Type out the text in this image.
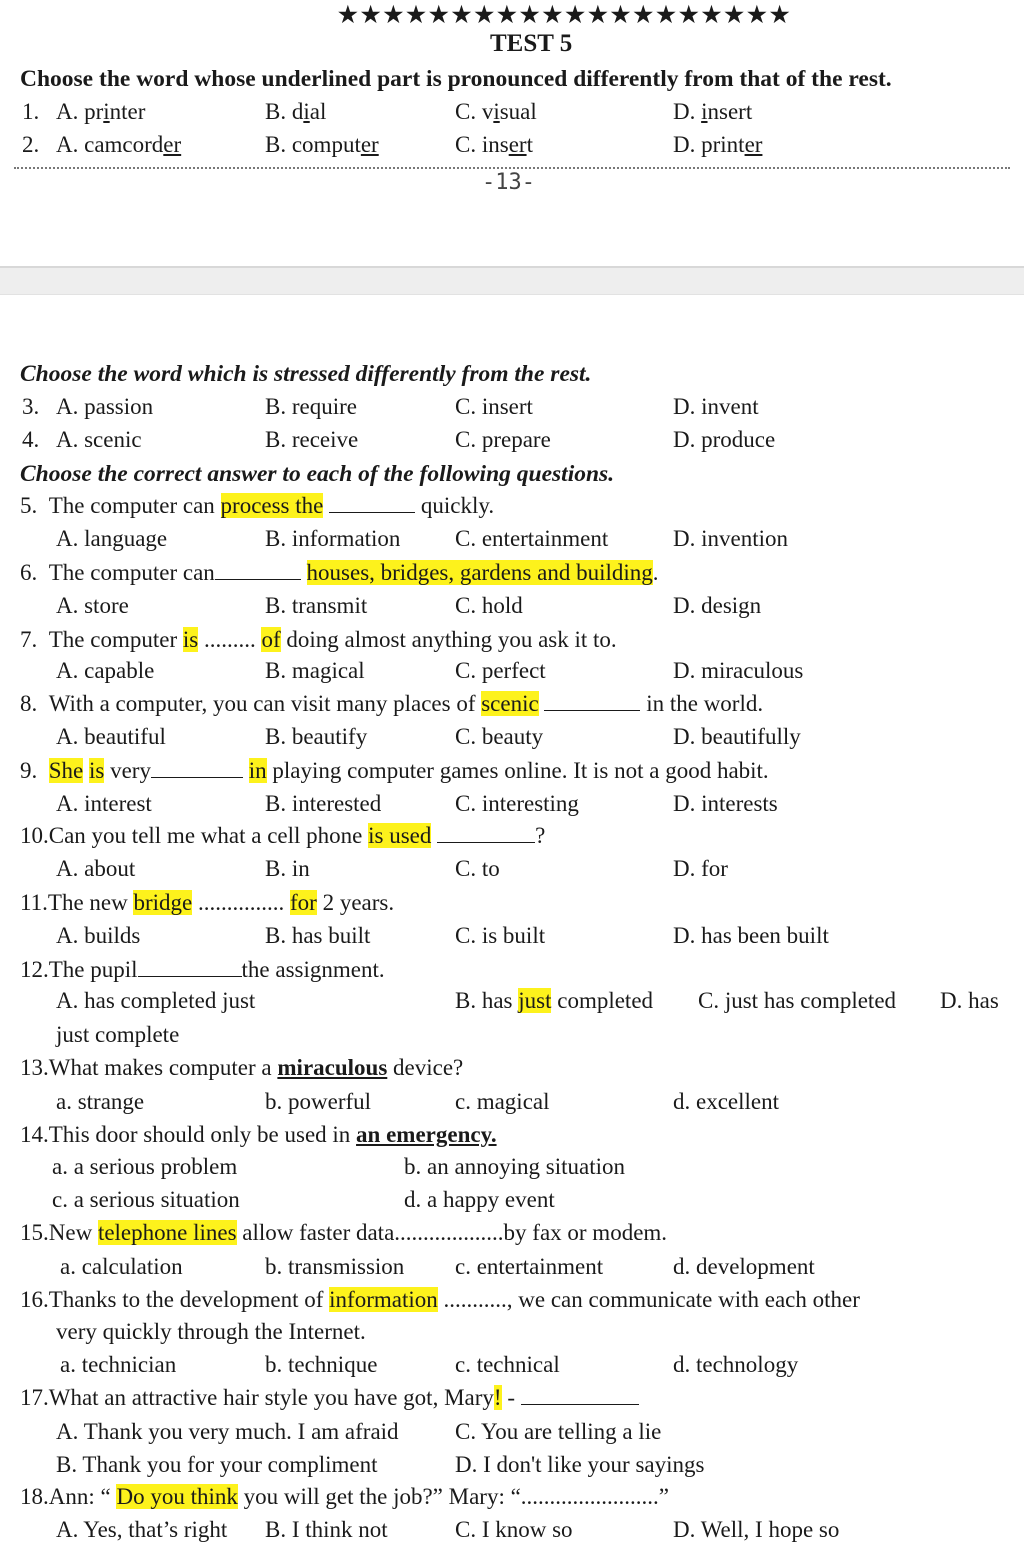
★★★★★★★★★★★★★★★★★★★★
TEST 5
Choose the word whose underlined part is pronounced differently from that of the rest.
1. A. printer	B. dial	C. visual	D. insert
2. A. camcorder	B. computer	C. insert	D. printer
-13-
Choose the word which is stressed differently from the rest.
3. A. passion	B. require	C. insert	D. invent
4. A. scenic	B. receive	C. prepare	D. produce
Choose the correct answer to each of the following questions.
5.  The computer can process the	quickly.
A. language	B. information C. entertainment	D. invention
6.  The computer can	houses, bridges, gardens and building.
A. store	B. transmit	C. hold	D. design
7.  The computer is ......... of doing almost anything you ask it to.
A. capable	B. magical	C. perfect	D. miraculous
8.  With a computer, you can visit many places of scenic	in the world.
A. beautiful	B. beautify	C. beauty	D. beautifully
9.  She is very	in playing computer games online. It is not a good habit.
A. interest	B. interested	C. interesting	D. interests
10.Can you tell me what a cell phone is used	?
A. about	B. in	C. to	D. for
11.The new bridge ............... for 2 years.
A. builds	B. has built	C. is built	D. has been built
12.The pupil	the assignment.
A. has completed just	B. has just completed C. just has completed D. has
just complete
13.What makes computer a miraculous device?
a. strange	b. powerful	c. magical	d. excellent
14.This door should only be used in an emergency.
a. a serious problem	b. an annoying situation
c. a serious situation	d. a happy event
15.New telephone lines allow faster data...................by fax or modem.
a. calculation	b. transmission c. entertainment	d. development
16.Thanks to the development of information ..........., we can communicate with each other
very quickly through the Internet.
a. technician	b. technique	c. technical	d. technology
17.What an attractive hair style you have got, Mary! -
A. Thank you very much. I am afraid C. You are telling a lie
B. Thank you for your compliment	D. I don't like your sayings
18.Ann: “ Do you think you will get the job?” Mary: “........................”
A. Yes, that’s right B. I think not	C. I know so	D. Well, I hope so
